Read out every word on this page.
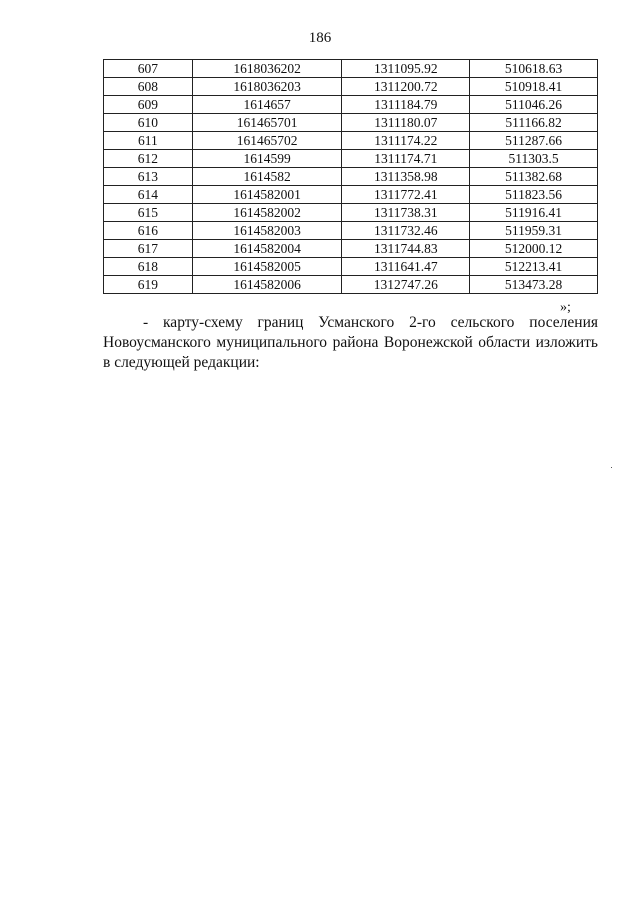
186
607	1618036202	1311095.92	510618.63
608	1618036203	1311200.72	510918.41
609	1614657	1311184.79	511046.26
610	161465701	1311180.07	511166.82
611	161465702	1311174.22	511287.66
612	1614599	1311174.71	511303.5
613	1614582	1311358.98	511382.68
614	1614582001	1311772.41	511823.56
615	1614582002	1311738.31	511916.41
616	1614582003	1311732.46	511959.31
617	1614582004	1311744.83	512000.12
618	1614582005	1311641.47	512213.41
619	1614582006	1312747.26	513473.28
»;

- карту-схему границ Усманского 2-го сельского поселения Новоусманского муниципального района Воронежской области изложить в следующей редакции:
